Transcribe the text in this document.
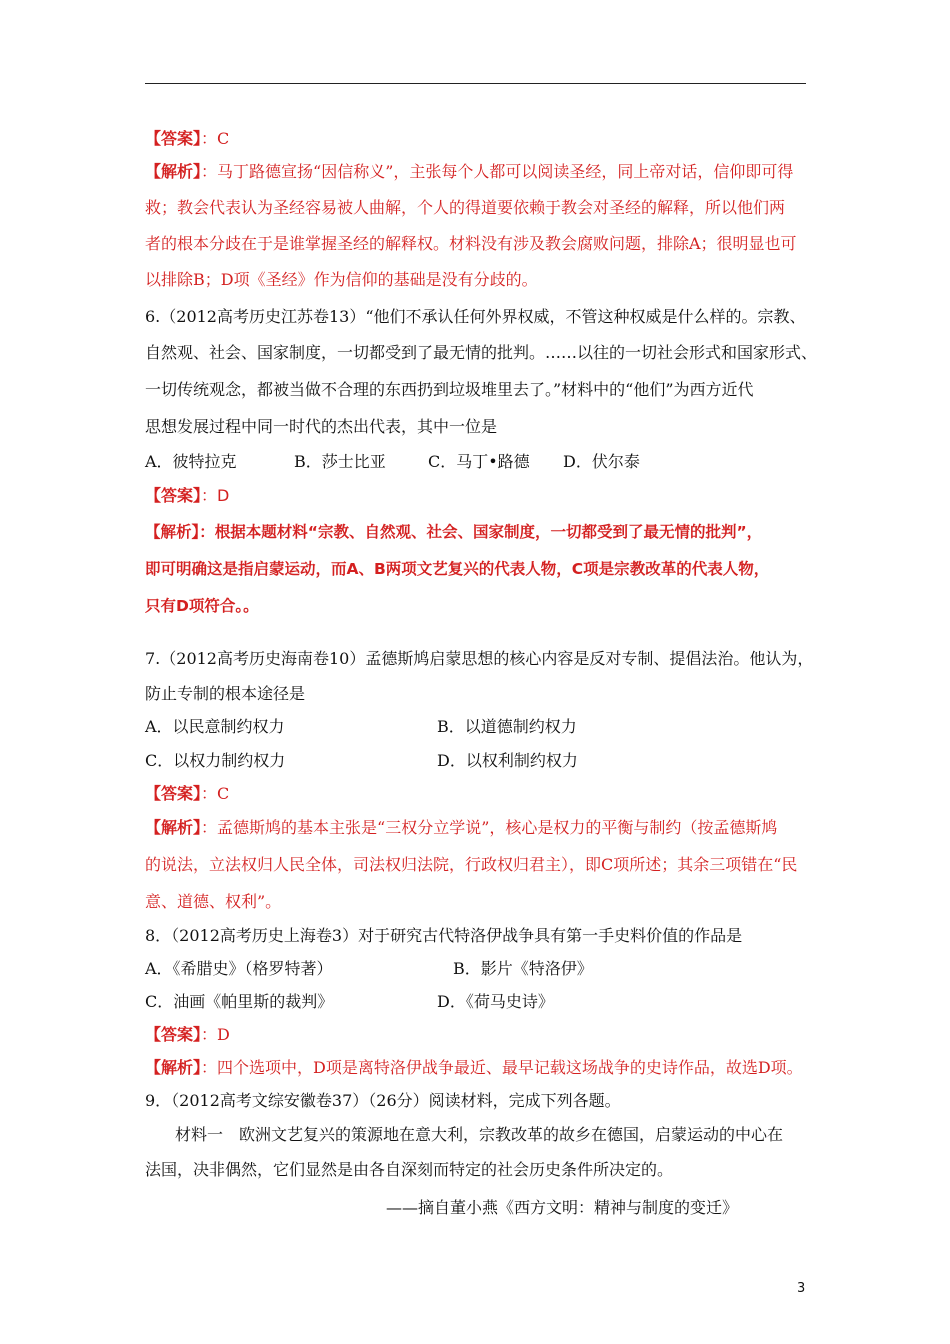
【答案】：C
【解析】：马丁路德宣扬“因信称义”，主张每个人都可以阅读圣经，同上帝对话，信仰即可得
救；教会代表认为圣经容易被人曲解，个人的得道要依赖于教会对圣经的解释，所以他们两
者的根本分歧在于是谁掌握圣经的解释权。材料没有涉及教会腐败问题，排除A；很明显也可
以排除B；D项《圣经》作为信仰的基础是没有分歧的。
6.（2012高考历史江苏卷13）“他们不承认任何外界权威，不管这种权威是什么样的。宗教、
自然观、社会、国家制度，一切都受到了最无情的批判。……以往的一切社会形式和国家形式、
一切传统观念，都被当做不合理的东西扔到垃圾堆里去了。”材料中的“他们”为西方近代
思想发展过程中同一时代的杰出代表，其中一位是
A．彼特拉克	B．莎士比亚	C．马丁•路德 D．伏尔泰
【答案】：D
【解析】：根据本题材料“宗教、自然观、社会、国家制度，一切都受到了最无情的批判”，
即可明确这是指启蒙运动，而A、B两项文艺复兴的代表人物，C项是宗教改革的代表人物，
只有D项符合。。
7.（2012高考历史海南卷10）孟德斯鸠启蒙思想的核心内容是反对专制、提倡法治。他认为，
防止专制的根本途径是
A．以民意制约权力	B．以道德制约权力
C．以权力制约权力	D．以权利制约权力
【答案】：C
【解析】：孟德斯鸠的基本主张是“三权分立学说”，核心是权力的平衡与制约（按孟德斯鸠
的说法，立法权归人民全体，司法权归法院，行政权归君主），即C项所述；其余三项错在“民
意、道德、权利”。
8．（2012高考历史上海卷3）对于研究古代特洛伊战争具有第一手史料价值的作品是
A．《希腊史》（格罗特著）	B．影片《特洛伊》
C．油画《帕里斯的裁判》	D．《荷马史诗》
【答案】：D
【解析】：四个选项中，D项是离特洛伊战争最近、最早记载这场战争的史诗作品，故选D项。
9．（2012高考文综安徽卷37）（26分）阅读材料，完成下列各题。
材料一　欧洲文艺复兴的策源地在意大利，宗教改革的故乡在德国，启蒙运动的中心在
法国，决非偶然，它们显然是由各自深刻而特定的社会历史条件所决定的。
——摘自董小燕《西方文明：精神与制度的变迁》
3
